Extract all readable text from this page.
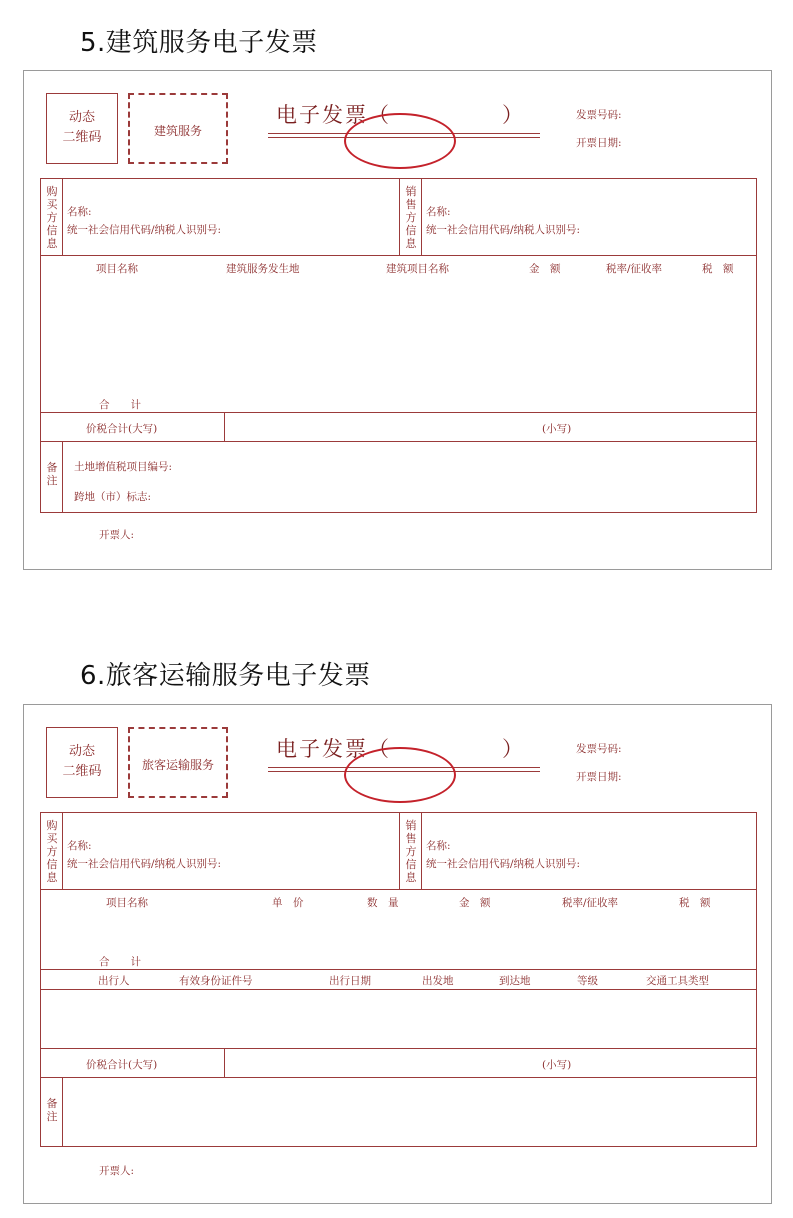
5.建筑服务电子发票
动态
二维码	建筑服务
电子发票（	）	发票号码:
开票日期:
购买方信息
销售方信息
名称:
统一社会信用代码/纳税人识别号:
名称:
统一社会信用代码/纳税人识别号:
项目名称	建筑服务发生地	建筑项目名称	金　额	税率/征收率	税　额
合　　计
价税合计(大写)	(小写)
备注
土地增值税项目编号:
跨地（市）标志:
开票人:
6.旅客运输服务电子发票
动态
二维码	旅客运输服务
电子发票（	）	发票号码:
开票日期:
购买方信息
销售方信息
名称:
统一社会信用代码/纳税人识别号:
名称:
统一社会信用代码/纳税人识别号:
项目名称	单　价	数　量	金　额	税率/征收率	税　额
合　　计
出行人	有效身份证件号	出行日期	出发地	到达地	等级	交通工具类型
价税合计(大写)	(小写)
备注
开票人:
